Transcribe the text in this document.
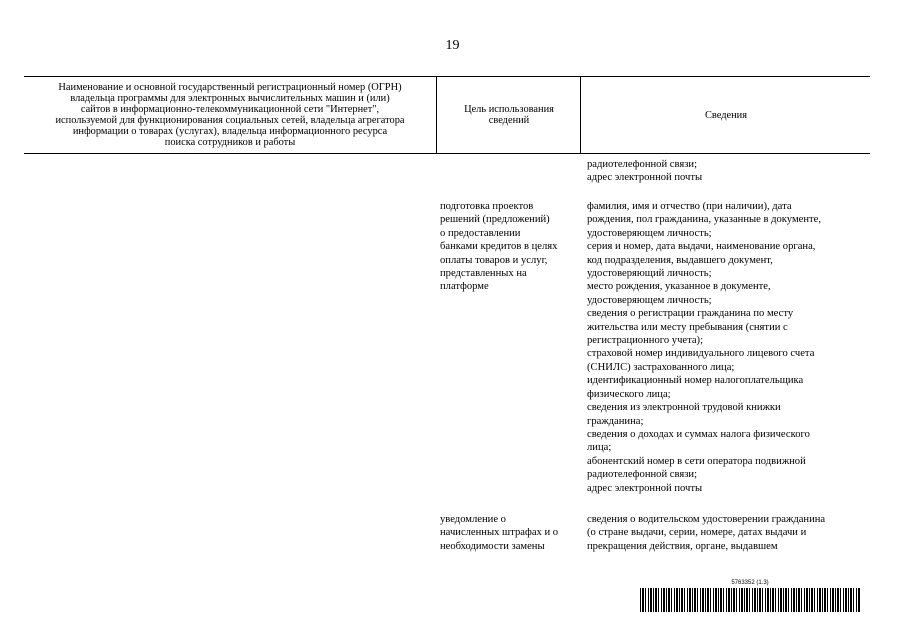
19
Наименование и основной государственный регистрационный номер (ОГРН)
владельца программы для электронных вычислительных машин и (или)
сайтов в информационно-телекоммуникационной сети "Интернет",
используемой для функционирования социальных сетей, владельца агрегатора
информации о товарах (услугах), владельца информационного ресурса
поиска сотрудников и работы
Цель использования
сведений	Сведения
радиотелефонной связи;
адрес электронной почты
подготовка проектов
решений (предложений)
о предоставлении
банками кредитов в целях
оплаты товаров и услуг,
представленных на
платформе
фамилия, имя и отчество (при наличии), дата
рождения, пол гражданина, указанные в документе,
удостоверяющем личность;
серия и номер, дата выдачи, наименование органа,
код подразделения, выдавшего документ,
удостоверяющий личность;
место рождения, указанное в документе,
удостоверяющем личность;
сведения о регистрации гражданина по месту
жительства или месту пребывания (снятии с
регистрационного учета);
страховой номер индивидуального лицевого счета
(СНИЛС) застрахованного лица;
идентификационный номер налогоплательщика
физического лица;
сведения из электронной трудовой книжки
гражданина;
сведения о доходах и суммах налога физического
лица;
абонентский номер в сети оператора подвижной
радиотелефонной связи;
адрес электронной почты
уведомление о
начисленных штрафах и о
необходимости замены
сведения о водительском удостоверении гражданина
(о стране выдачи, серии, номере, датах выдачи и
прекращения действия, органе, выдавшем
5763352 (1.3)
